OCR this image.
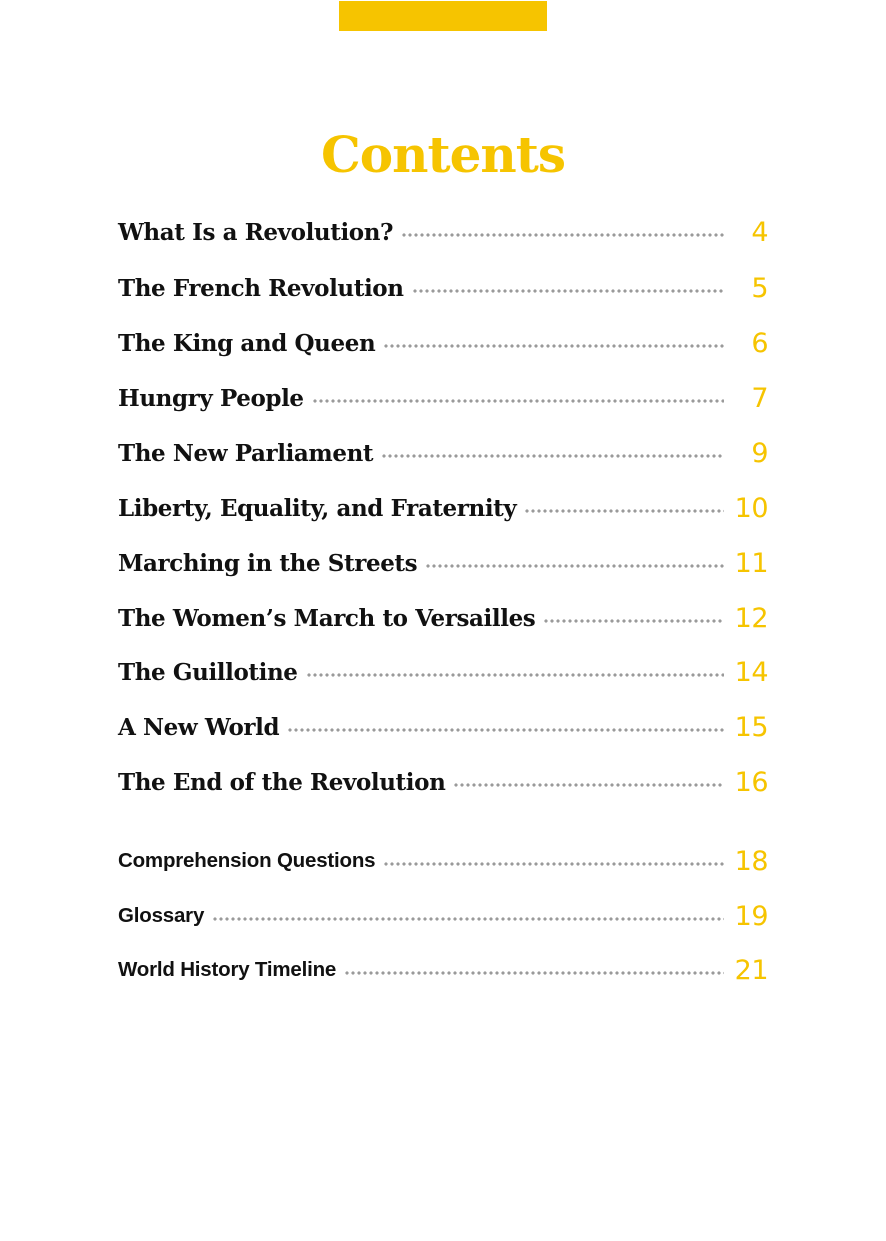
Contents
What Is a Revolution?	4
The French Revolution	5
The King and Queen	6
Hungry People	7
The New Parliament	9
Liberty, Equality, and Fraternity	10
Marching in the Streets	11
The Women’s March to Versailles	12
The Guillotine	14
A New World	15
The End of the Revolution	16
Comprehension Questions	18
Glossary	19
World History Timeline	21
